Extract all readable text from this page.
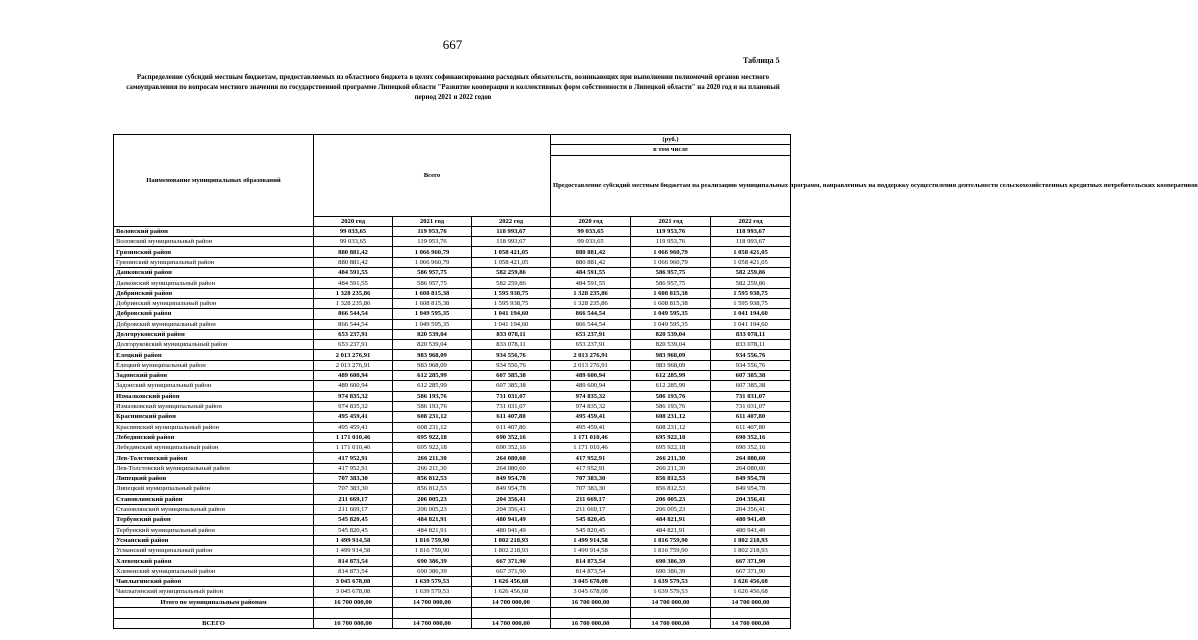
667
Таблица 5
Распределение субсидий местным бюджетам, предоставляемых из областного бюджета в целях софинансирования расходных обязательств, возникающих при выполнении полномочий органов местного самоуправления по вопросам местного значения по государственной программе Липецкой области "Развитие кооперации и коллективных форм собственности в Липецкой области" на 2020 год и на плановый период 2021 и 2022 годов
Наименование муниципальных образований	Всего			(руб.)		
				в том числе		
				Предоставление субсидий местным бюджетам на реализацию муниципальных программ, направленных на поддержку осуществления деятельности сельскохозяйственных кредитных потребительских кооперативов		
	2020 год	2021 год	2022 год	2020 год	2021 год	2022 год
Воловский район	99 033,65	119 953,76	118 993,67	99 033,65	119 953,76	118 993,67
Воловский муниципальный район	99 033,65	119 953,76	118 993,67	99 033,65	119 953,76	118 993,67
Грязинский район	880 881,42	1 066 960,79	1 058 421,05	880 881,42	1 066 960,79	1 058 421,05
Грязинский муниципальный район	880 881,42	1 066 960,79	1 058 421,05	880 881,42	1 066 960,79	1 058 421,05
Данковский район	484 591,55	586 957,75	582 259,86	484 591,55	586 957,75	582 259,86
Данковский муниципальный район	484 591,55	586 957,75	582 259,86	484 591,55	586 957,75	582 259,86
Добринский район	1 328 235,86	1 608 815,38	1 595 938,75	1 328 235,86	1 608 815,38	1 595 938,75
Добринский муниципальный район	1 328 235,86	1 608 815,38	1 595 938,75	1 328 235,86	1 608 815,38	1 595 938,75
Добровский район	866 544,54	1 049 595,35	1 041 194,60	866 544,54	1 049 595,35	1 041 194,60
Добровский муниципальный район	866 544,54	1 049 595,35	1 041 194,60	866 544,54	1 049 595,35	1 041 194,60
Долгоруковский район	653 237,91	820 539,04	833 078,11	653 237,91	820 539,04	833 078,11
Долгоруковский муниципальный район	653 237,91	820 539,04	833 078,11	653 237,91	820 539,04	833 078,11
Елецкий район	2 013 276,91	983 968,09	934 556,76	2 013 276,91	983 968,09	934 556,76
Елецкий муниципальный район	2 013 276,91	983 968,09	934 556,76	2 013 276,91	983 968,09	934 556,76
Задонский район	489 600,94	612 285,99	607 385,38	489 600,94	612 285,99	607 385,38
Задонский муниципальный район	489 600,94	612 285,99	607 385,38	489 600,94	612 285,99	607 385,38
Измалковский район	974 835,32	586 193,76	731 031,07	974 835,32	586 193,76	731 031,07
Измалковский муниципальный район	974 835,32	586 193,76	731 031,07	974 835,32	586 193,76	731 031,07
Краснинский район	495 459,41	608 231,12	611 407,80	495 459,41	608 231,12	611 407,80
Краснинский муниципальный район	495 459,41	608 231,12	611 407,80	495 459,41	608 231,12	611 407,80
Лебедянский район	1 171 010,46	695 922,18	690 352,16	1 171 010,46	695 922,18	690 352,16
Лебедянский муниципальный район	1 171 010,46	695 922,18	690 352,16	1 171 010,46	695 922,18	690 352,16
Лев-Толстовский район	417 952,91	266 211,30	264 080,60	417 952,91	266 211,30	264 080,60
Лев-Толстовский муниципальный район	417 952,91	266 211,30	264 080,60	417 952,91	266 211,30	264 080,60
Липецкий район	707 383,30	856 812,53	849 954,78	707 383,30	856 812,53	849 954,78
Липецкий муниципальный район	707 383,30	856 812,53	849 954,78	707 383,30	856 812,53	849 954,78
Становлянский район	211 669,17	206 005,23	204 356,41	211 669,17	206 005,23	204 356,41
Становлянский муниципальный район	211 669,17	206 005,23	204 356,41	211 669,17	206 005,23	204 356,41
Тербунский район	545 820,45	484 821,91	480 941,49	545 820,45	484 821,91	480 941,49
Тербунский муниципальный район	545 820,45	484 821,91	480 941,49	545 820,45	484 821,91	480 941,49
Усманский район	1 499 914,58	1 816 759,90	1 802 218,93	1 499 914,58	1 816 759,90	1 802 218,93
Усманский муниципальный район	1 499 914,58	1 816 759,90	1 802 218,93	1 499 914,58	1 816 759,90	1 802 218,93
Хлевенский район	814 873,54	690 386,39	667 371,90	814 873,54	690 386,39	667 371,90
Хлевенский муниципальный район	814 873,54	690 386,39	667 371,90	814 873,54	690 386,39	667 371,90
Чаплыгинский район	3 045 678,08	1 639 579,53	1 626 456,68	3 045 678,08	1 639 579,53	1 626 456,68
Чаплыгинский муниципальный район	3 045 678,08	1 639 579,53	1 626 456,68	3 045 678,08	1 639 579,53	1 626 456,68
Итого по муниципальным районам	16 700 000,00	14 700 000,00	14 700 000,00	16 700 000,00	14 700 000,00	14 700 000,00

ВСЕГО	16 700 000,00	14 700 000,00	14 700 000,00	16 700 000,00	14 700 000,00	14 700 000,00
